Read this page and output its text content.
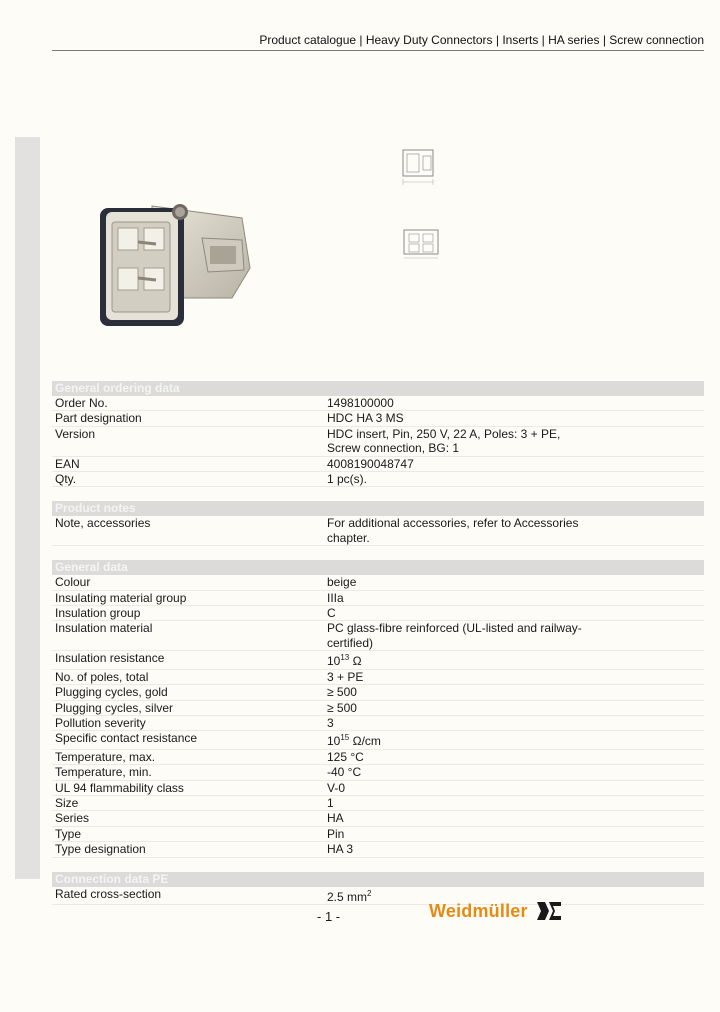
Product catalogue | Heavy Duty Connectors | Inserts | HA series | Screw connection
General ordering data
Order No.	1498100000
Part designation	HDC HA 3 MS
Version	HDC insert, Pin, 250 V, 22 A, Poles: 3 + PE,
Screw connection, BG: 1
EAN	4008190048747
Qty.	1 pc(s).
Product notes
Note, accessories	For additional accessories, refer to Accessories
chapter.
General data
Colour	beige
Insulating material group	IIIa
Insulation group	C
Insulation material	PC glass-fibre reinforced (UL-listed and railway-
certified)
Insulation resistance	$10^{13}$ Ω
No. of poles, total	3 + PE
Plugging cycles, gold	≥ 500
Plugging cycles, silver	≥ 500
Pollution severity	3
Specific contact resistance	$10^{15}$ Ω/cm
Temperature, max.	125 °C
Temperature, min.	-40 °C
UL 94 flammability class	V-0
Size	1
Series	HA
Type	Pin
Type designation	HA 3
Connection data PE
Rated cross-section	2.5 $mm^2$
- 1 -	Weidmüller
